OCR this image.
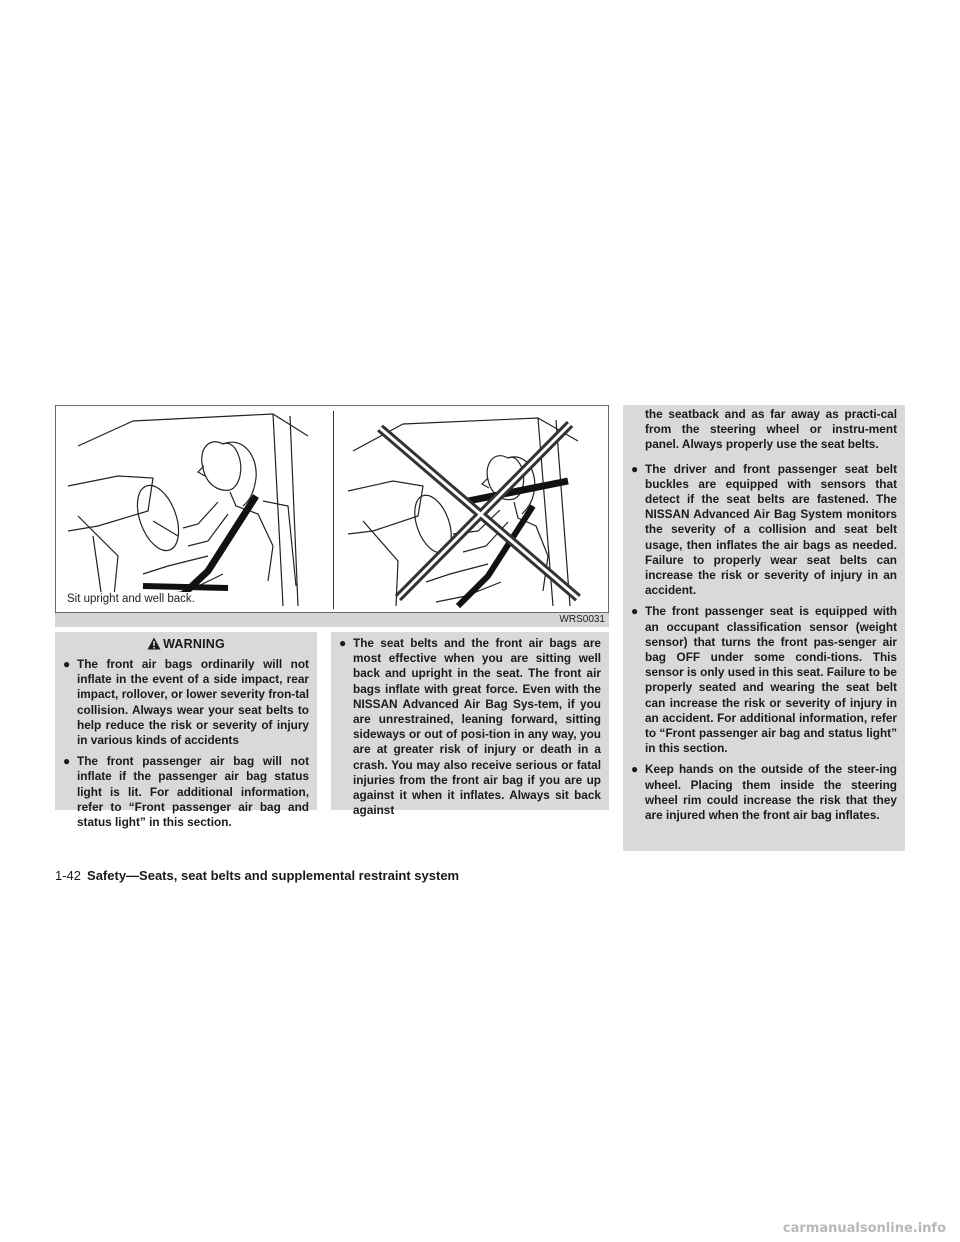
Sit upright and well back.
WRS0031
WARNING
● The front air bags ordinarily will not inflate in the event of a side impact, rear impact, rollover, or lower severity fron-tal collision. Always wear your seat belts to help reduce the risk or severity of injury in various kinds of accidents
● The front passenger air bag will not inflate if the passenger air bag status light is lit. For additional information, refer to “Front passenger air bag and status light” in this section.
● The seat belts and the front air bags are most effective when you are sitting well back and upright in the seat. The front air bags inflate with great force. Even with the NISSAN Advanced Air Bag Sys-tem, if you are unrestrained, leaning forward, sitting sideways or out of posi-tion in any way, you are at greater risk of injury or death in a crash. You may also receive serious or fatal injuries from the front air bag if you are up against it when it inflates. Always sit back against
the seatback and as far away as practi-cal from the steering wheel or instru-ment panel. Always properly use the seat belts.
● The driver and front passenger seat belt buckles are equipped with sensors that detect if the seat belts are fastened. The NISSAN Advanced Air Bag System monitors the severity of a collision and seat belt usage, then inflates the air bags as needed. Failure to properly wear seat belts can increase the risk or severity of injury in an accident.
● The front passenger seat is equipped with an occupant classification sensor (weight sensor) that turns the front pas-senger air bag OFF under some condi-tions. This sensor is only used in this seat. Failure to be properly seated and wearing the seat belt can increase the risk or severity of injury in an accident. For additional information, refer to “Front passenger air bag and status light” in this section.
● Keep hands on the outside of the steer-ing wheel. Placing them inside the steering wheel rim could increase the risk that they are injured when the front air bag inflates.
1-42 Safety—Seats, seat belts and supplemental restraint system
carmanualsonline.info
